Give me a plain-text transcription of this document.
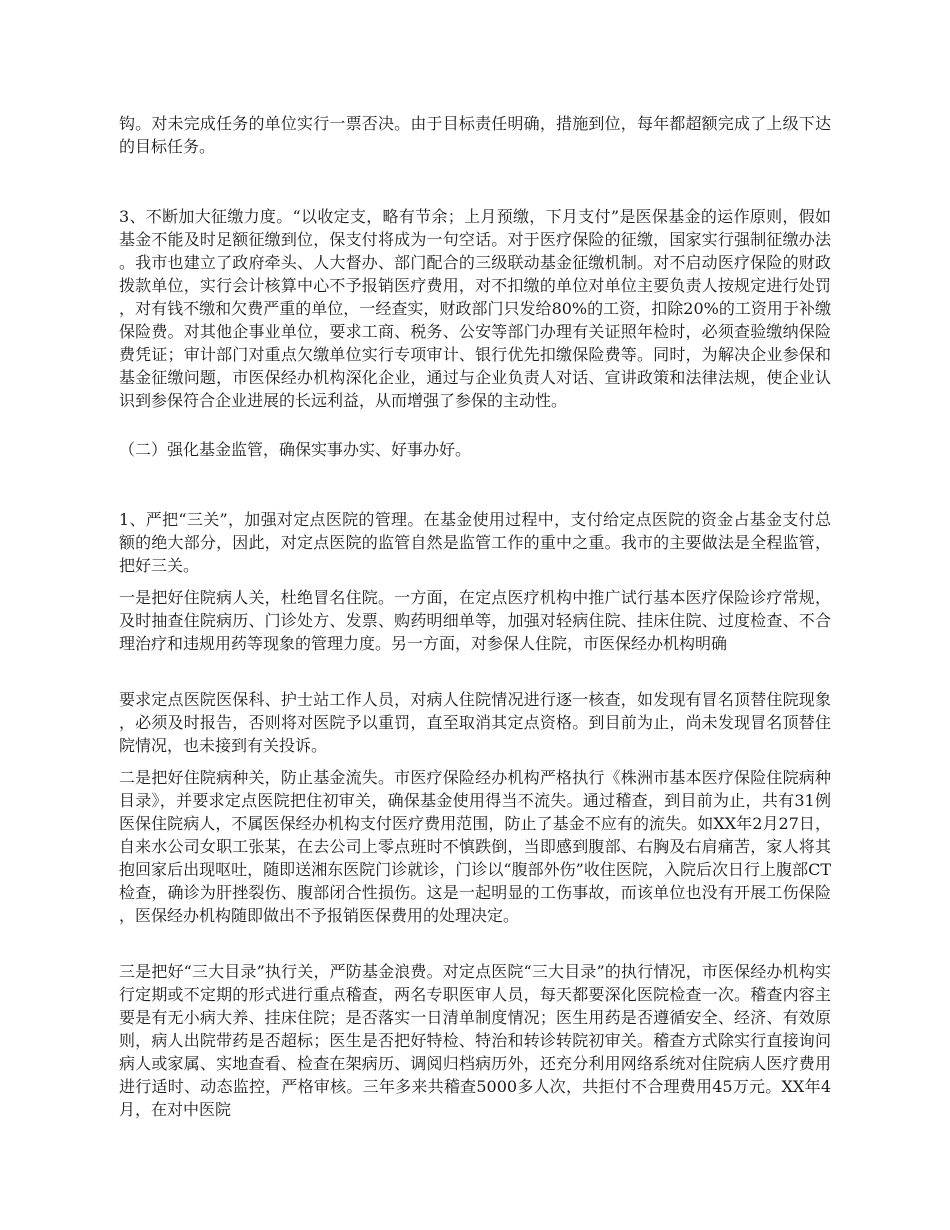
钩。对未完成任务的单位实行一票否决。由于目标责任明确，措施到位，每年都超额完成了上级下达的目标任务。

3、不断加大征缴力度。“以收定支，略有节余；上月预缴，下月支付”是医保基金的运作原则，假如基金不能及时足额征缴到位，保支付将成为一句空话。对于医疗保险的征缴，国家实行强制征缴办法。我市也建立了政府牵头、人大督办、部门配合的三级联动基金征缴机制。对不启动医疗保险的财政拨款单位，实行会计核算中心不予报销医疗费用，对不扣缴的单位对单位主要负责人按规定进行处罚，对有钱不缴和欠费严重的单位，一经查实，财政部门只发给80%的工资，扣除20%的工资用于补缴保险费。对其他企事业单位，要求工商、税务、公安等部门办理有关证照年检时，必须查验缴纳保险费凭证；审计部门对重点欠缴单位实行专项审计、银行优先扣缴保险费等。同时，为解决企业参保和基金征缴问题，市医保经办机构深化企业，通过与企业负责人对话、宣讲政策和法律法规，使企业认识到参保符合企业进展的长远利益，从而增强了参保的主动性。

（二）强化基金监管，确保实事办实、好事办好。

1、严把“三关”，加强对定点医院的管理。在基金使用过程中，支付给定点医院的资金占基金支付总额的绝大部分，因此，对定点医院的监管自然是监管工作的重中之重。我市的主要做法是全程监管，把好三关。

一是把好住院病人关，杜绝冒名住院。一方面，在定点医疗机构中推广试行基本医疗保险诊疗常规，及时抽查住院病历、门诊处方、发票、购药明细单等，加强对轻病住院、挂床住院、过度检查、不合理治疗和违规用药等现象的管理力度。另一方面，对参保人住院，市医保经办机构明确

要求定点医院医保科、护士站工作人员，对病人住院情况进行逐一核查，如发现有冒名顶替住院现象，必须及时报告，否则将对医院予以重罚，直至取消其定点资格。到目前为止，尚未发现冒名顶替住院情况，也未接到有关投诉。

二是把好住院病种关，防止基金流失。市医疗保险经办机构严格执行《株洲市基本医疗保险住院病种目录》，并要求定点医院把住初审关，确保基金使用得当不流失。通过稽查，到目前为止，共有31例医保住院病人，不属医保经办机构支付医疗费用范围，防止了基金不应有的流失。如XX年2月27日，自来水公司女职工张某，在去公司上零点班时不慎跌倒，当即感到腹部、右胸及右肩痛苦，家人将其抱回家后出现呕吐，随即送湘东医院门诊就诊，门诊以“腹部外伤”收住医院，入院后次日行上腹部CT检查，确诊为肝挫裂伤、腹部闭合性损伤。这是一起明显的工伤事故，而该单位也没有开展工伤保险，医保经办机构随即做出不予报销医保费用的处理决定。

三是把好“三大目录”执行关，严防基金浪费。对定点医院“三大目录”的执行情况，市医保经办机构实行定期或不定期的形式进行重点稽查，两名专职医审人员，每天都要深化医院检查一次。稽查内容主要是有无小病大养、挂床住院；是否落实一日清单制度情况；医生用药是否遵循安全、经济、有效原则，病人出院带药是否超标；医生是否把好特检、特治和转诊转院初审关。稽查方式除实行直接询问病人或家属、实地查看、检查在架病历、调阅归档病历外，还充分利用网络系统对住院病人医疗费用进行适时、动态监控，严格审核。三年多来共稽查5000多人次，共拒付不合理费用45万元。XX年4月，在对中医院
